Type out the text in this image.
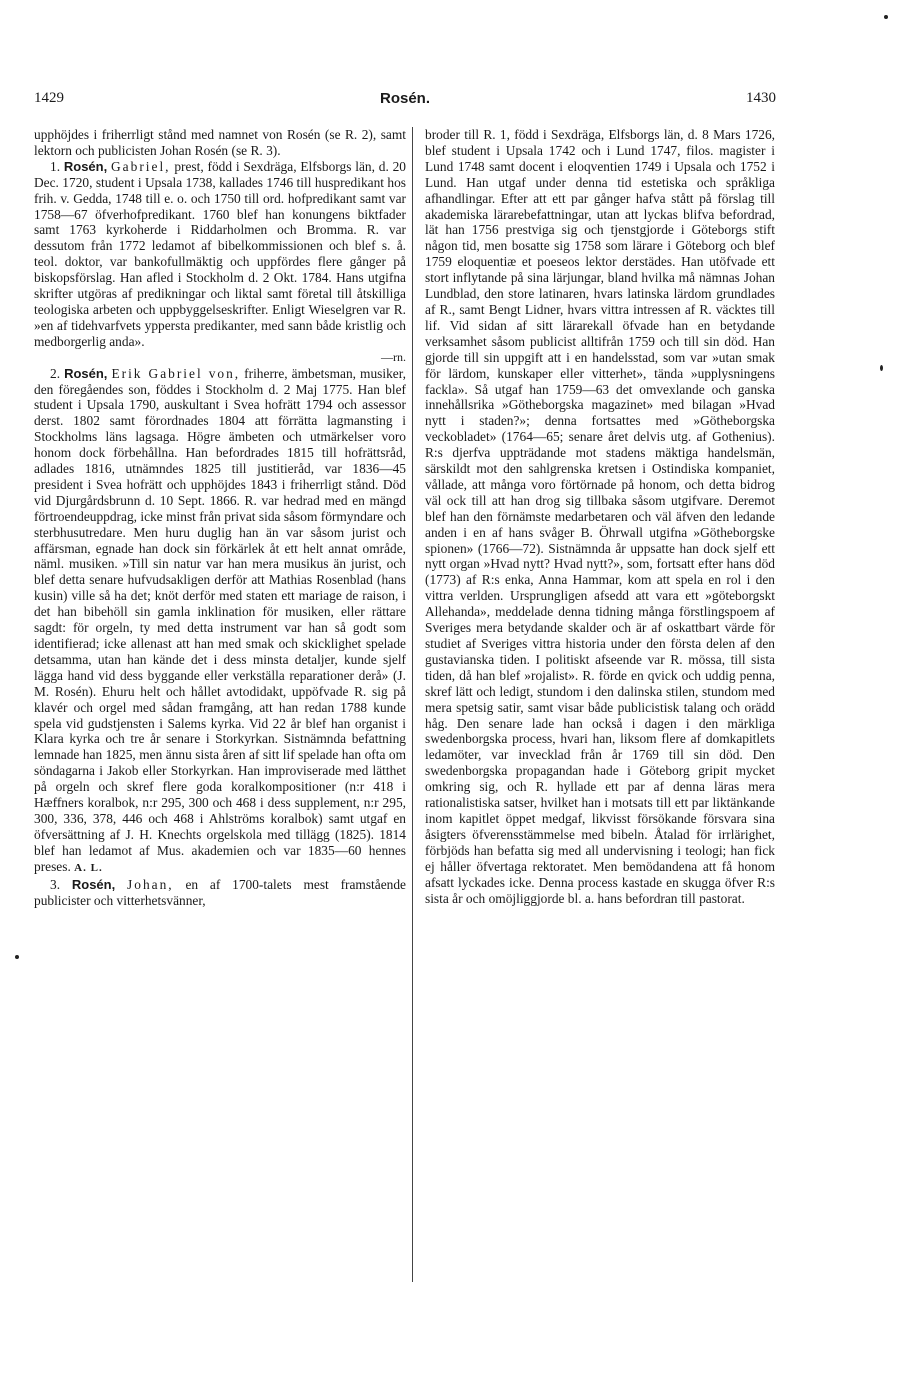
1429	Rosén.	1430

upphöjdes i friherrligt stånd med namnet von Rosén (se R. 2), samt lektorn och publicisten Johan Rosén (se R. 3).

1. Rosén, Gabriel, prest, född i Sexdräga, Elfsborgs län, d. 20 Dec. 1720, student i Upsala 1738, kallades 1746 till huspredikant hos frih. v. Gedda, 1748 till e. o. och 1750 till ord. hofpredikant samt var 1758—67 öfverhofpredikant. 1760 blef han konungens biktfader samt 1763 kyrkoherde i Riddarholmen och Bromma. R. var dessutom från 1772 ledamot af bibelkommissionen och blef s. å. teol. doktor, var bankofullmäktig och uppfördes flere gånger på biskopsförslag. Han afled i Stockholm d. 2 Okt. 1784. Hans utgifna skrifter utgöras af predikningar och liktal samt företal till åtskilliga teologiska arbeten och uppbyggelseskrifter. Enligt Wieselgren var R. »en af tidehvarfvets yppersta predikanter, med sann både kristlig och medborgerlig anda».
—rn.

2. Rosén, Erik Gabriel von, friherre, ämbetsman, musiker, den föregåendes son, föddes i Stockholm d. 2 Maj 1775. Han blef student i Upsala 1790, auskultant i Svea hofrätt 1794 och assessor derst. 1802 samt förordnades 1804 att förrätta lagmansting i Stockholms läns lagsaga. Högre ämbeten och utmärkelser voro honom dock förbehållna. Han befordrades 1815 till hofrättsråd, adlades 1816, utnämndes 1825 till justitieråd, var 1836—45 president i Svea hofrätt och upphöjdes 1843 i friherrligt stånd. Död vid Djurgårdsbrunn d. 10 Sept. 1866. R. var hedrad med en mängd förtroendeuppdrag, icke minst från privat sida såsom förmyndare och sterbhusutredare. Men huru duglig han än var såsom jurist och affärsman, egnade han dock sin förkärlek åt ett helt annat område, näml. musiken. »Till sin natur var han mera musikus än jurist, och blef detta senare hufvudsakligen derför att Mathias Rosenblad (hans kusin) ville så ha det; knöt derför med staten ett mariage de raison, i det han bibehöll sin gamla inklination för musiken, eller rättare sagdt: för orgeln, ty med detta instrument var han så godt som identifierad; icke allenast att han med smak och skicklighet spelade detsamma, utan han kände det i dess minsta detaljer, kunde sjelf lägga hand vid dess byggande eller verkställa reparationer derå» (J. M. Rosén). Ehuru helt och hållet avtodidakt, uppöfvade R. sig på klavér och orgel med sådan framgång, att han redan 1788 kunde spela vid gudstjensten i Salems kyrka. Vid 22 år blef han organist i Klara kyrka och tre år senare i Storkyrkan. Sistnämnda befattning lemnade han 1825, men ännu sista åren af sitt lif spelade han ofta om söndagarna i Jakob eller Storkyrkan. Han improviserade med lätthet på orgeln och skref flere goda koralkompositioner (n:r 418 i Hæffners koralbok, n:r 295, 300 och 468 i dess supplement, n:r 295, 300, 336, 378, 446 och 468 i Ahlströms koralbok) samt utgaf en öfversättning af J. H. Knechts orgelskola med tillägg (1825). 1814 blef han ledamot af Mus. akademien och var 1835—60 hennes preses. A. L.

3. Rosén, Johan, en af 1700-talets mest framstående publicister och vitterhetsvänner,

broder till R. 1, född i Sexdräga, Elfsborgs län, d. 8 Mars 1726, blef student i Upsala 1742 och i Lund 1747, filos. magister i Lund 1748 samt docent i eloqventien 1749 i Upsala och 1752 i Lund. Han utgaf under denna tid estetiska och språkliga afhandlingar. Efter att ett par gånger hafva stått på förslag till akademiska lärarebefattningar, utan att lyckas blifva befordrad, lät han 1756 prestviga sig och tjenstgjorde i Göteborgs stift någon tid, men bosatte sig 1758 som lärare i Göteborg och blef 1759 eloquentiæ et poeseos lektor derstädes. Han utöfvade ett stort inflytande på sina lärjungar, bland hvilka må nämnas Johan Lundblad, den store latinaren, hvars latinska lärdom grundlades af R., samt Bengt Lidner, hvars vittra intressen af R. väcktes till lif. Vid sidan af sitt lärarekall öfvade han en betydande verksamhet såsom publicist alltifrån 1759 och till sin död. Han gjorde till sin uppgift att i en handelsstad, som var »utan smak för lärdom, kunskaper eller vitterhet», tända »upplysningens fackla». Så utgaf han 1759—63 det omvexlande och ganska innehållsrika »Götheborgska magazinet» med bilagan »Hvad nytt i staden?»; denna fortsattes med »Götheborgska veckobladet» (1764—65; senare året delvis utg. af Gothenius). R:s djerfva uppträdande mot stadens mäktiga handelsmän, särskildt mot den sahlgrenska kretsen i Ostindiska kompaniet, vållade, att många voro förtörnade på honom, och detta bidrog väl ock till att han drog sig tillbaka såsom utgifvare. Deremot blef han den förnämste medarbetaren och väl äfven den ledande anden i en af hans svåger B. Öhrwall utgifna »Götheborgske spionen» (1766—72). Sistnämnda år uppsatte han dock sjelf ett nytt organ »Hvad nytt? Hvad nytt?», som, fortsatt efter hans död (1773) af R:s enka, Anna Hammar, kom att spela en rol i den vittra verlden. Ursprungligen afsedd att vara ett »göteborgskt Allehanda», meddelade denna tidning många förstlingspoem af Sveriges mera betydande skalder och är af oskattbart värde för studiet af Sveriges vittra historia under den första delen af den gustavianska tiden. I politiskt afseende var R. mössa, till sista tiden, då han blef »rojalist». R. förde en qvick och uddig penna, skref lätt och ledigt, stundom i den dalinska stilen, stundom med mera spetsig satir, samt visar både publicistisk talang och orädd håg. Den senare lade han också i dagen i den märkliga swedenborgska process, hvari han, liksom flere af domkapitlets ledamöter, var invecklad från år 1769 till sin död. Den swedenborgska propagandan hade i Göteborg gripit mycket omkring sig, och R. hyllade ett par af denna läras mera rationalistiska satser, hvilket han i motsats till ett par liktänkande inom kapitlet öppet medgaf, likvisst försökande försvara sina åsigters öfverensstämmelse med bibeln. Åtalad för irrlärighet, förbjöds han befatta sig med all undervisning i teologi; han fick ej håller öfvertaga rektoratet. Men bemödandena att få honom afsatt lyckades icke. Denna process kastade en skugga öfver R:s sista år och omöjliggjorde bl. a. hans befordran till pastorat.
